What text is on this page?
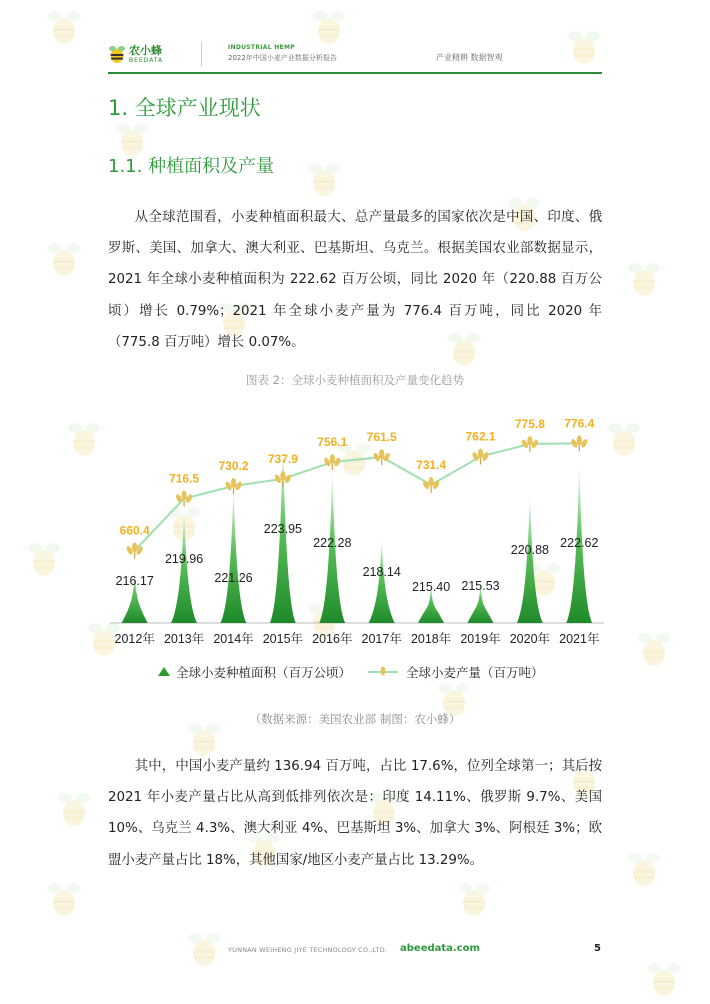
农小蜂
BEEDATA
INDUSTRIAL HEMP
2022年中国小麦产业数据分析报告	产业精耕 数据智观
1. 全球产业现状
1.1. 种植面积及产量
从全球范围看，小麦种植面积最大、总产量最多的国家依次是中国、印度、俄罗斯、美国、加拿大、澳大利亚、巴基斯坦、乌克兰。根据美国农业部数据显示，2021 年全球小麦种植面积为 222.62 百万公顷，同比 2020 年（220.88 百万公顷）增长 0.79%；2021 年全球小麦产量为 776.4 百万吨，同比 2020 年（775.8 百万吨）增长 0.07%。
图表 2：全球小麦种植面积及产量变化趋势
660.4
716.5
730.2
737.9
756.1 761.5
731.4
762.1
775.8 776.4
216.17
219.96
221.26
223.95
222.28
218.14
215.40 215.53
220.88 222.62
2012年 2013年 2014年 2015年 2016年 2017年 2018年 2019年 2020年 2021年
全球小麦种植面积（百万公顷）	全球小麦产量（百万吨）
（数据来源：美国农业部 制图：农小蜂）
其中，中国小麦产量约 136.94 百万吨，占比 17.6%，位列全球第一；其后按 2021 年小麦产量占比从高到低排列依次是：印度 14.11%、俄罗斯 9.7%、美国 10%、乌克兰 4.3%、澳大利亚 4%、巴基斯坦 3%、加拿大 3%、阿根廷 3%；欧盟小麦产量占比 18%，其他国家/地区小麦产量占比 13.29%。
YUNNAN WEIHENG JIYE TECHNOLOGY CO.,LTD. abeedata.com	5
